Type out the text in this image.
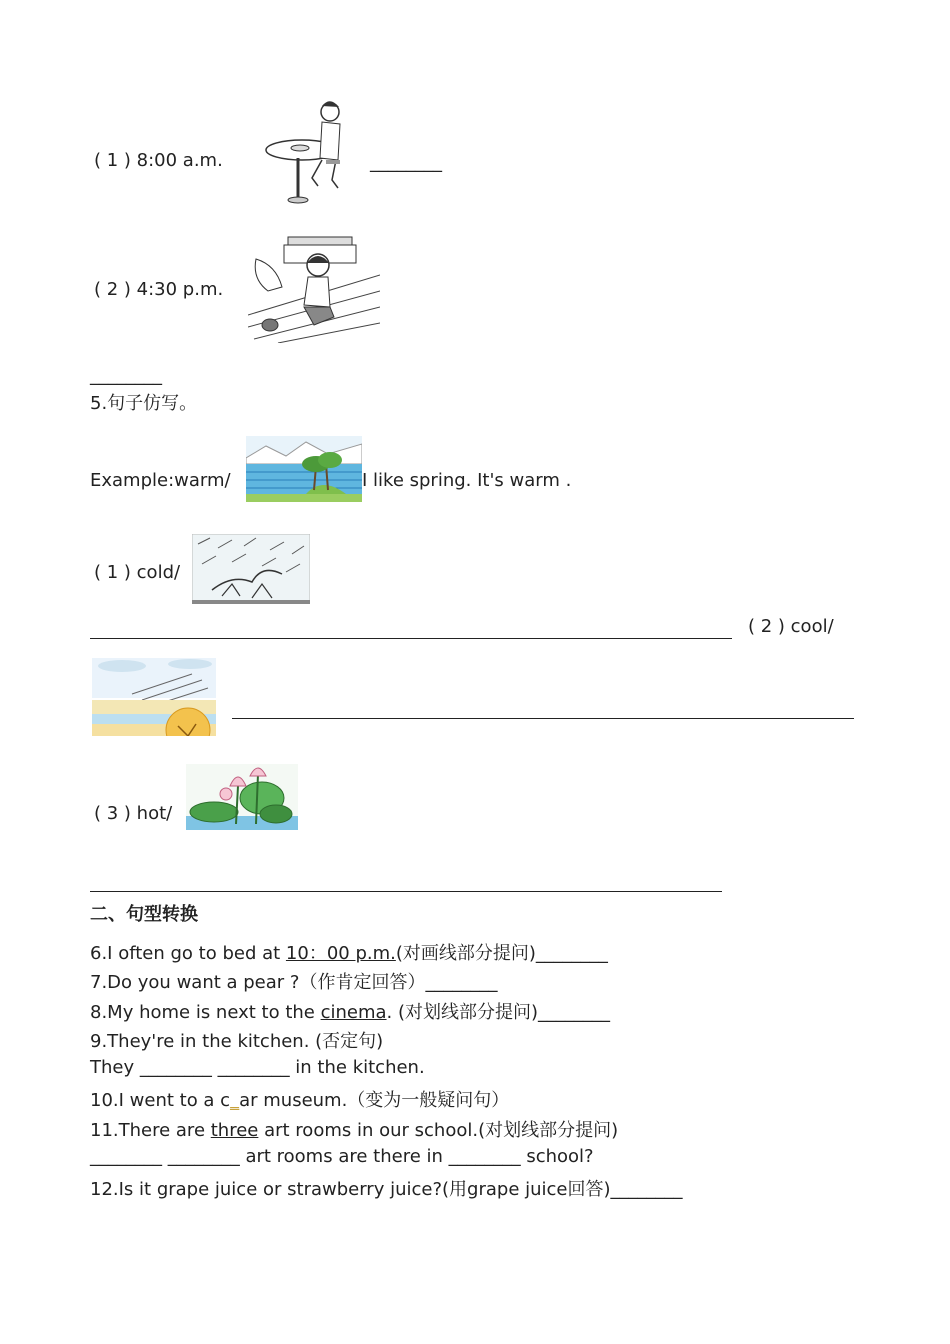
( 1 ) 8:00 a.m.	________
( 2 ) 4:30 p.m.
________
5.句子仿写。
Example:warm/	I like spring. It's warm .
( 1 ) cold/
( 2 ) cool/
( 3 ) hot/
二、句型转换
6.I often go to bed at 10：00 p.m.(对画线部分提问)________
7.Do you want a pear ?（作肯定回答）________
8.My home is next to the cinema. (对划线部分提问)________
9.They're in the kitchen. (否定句)
They ________ ________ in the kitchen.
10.I went to a c_ar museum.（变为一般疑问句）
11.There are three art rooms in our school.(对划线部分提问)
________ ________ art rooms are there in ________ school?
12.Is it grape juice or strawberry juice?(用grape juice回答)________
